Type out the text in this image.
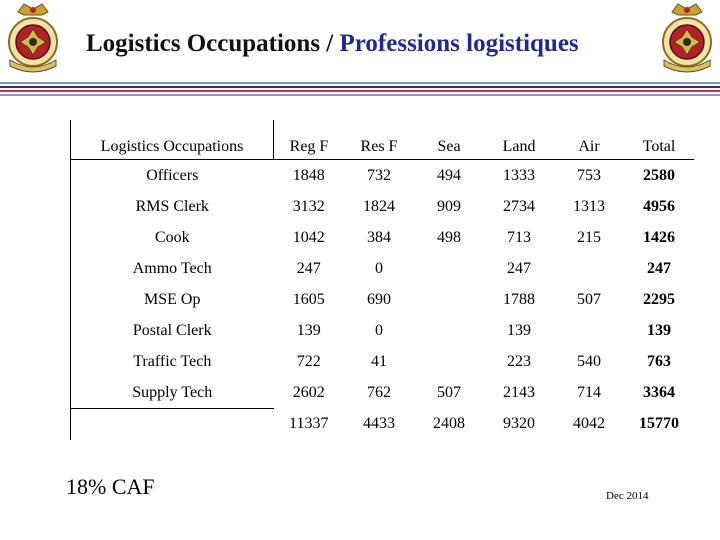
Logistics Occupations / Professions logistiques
Logistics Occupations	Reg F	Res F	Sea	Land	Air	Total
Officers	1848	732	494	1333	753	2580
RMS Clerk	3132	1824	909	2734	1313	4956
Cook	1042	384	498	713	215	1426
Ammo Tech	247	0		247		247
MSE Op	1605	690		1788	507	2295
Postal Clerk	139	0		139		139
Traffic Tech	722	41		223	540	763
Supply Tech	2602	762	507	2143	714	3364
	11337	4433	2408	9320	4042	15770
18% CAF	Dec 2014
